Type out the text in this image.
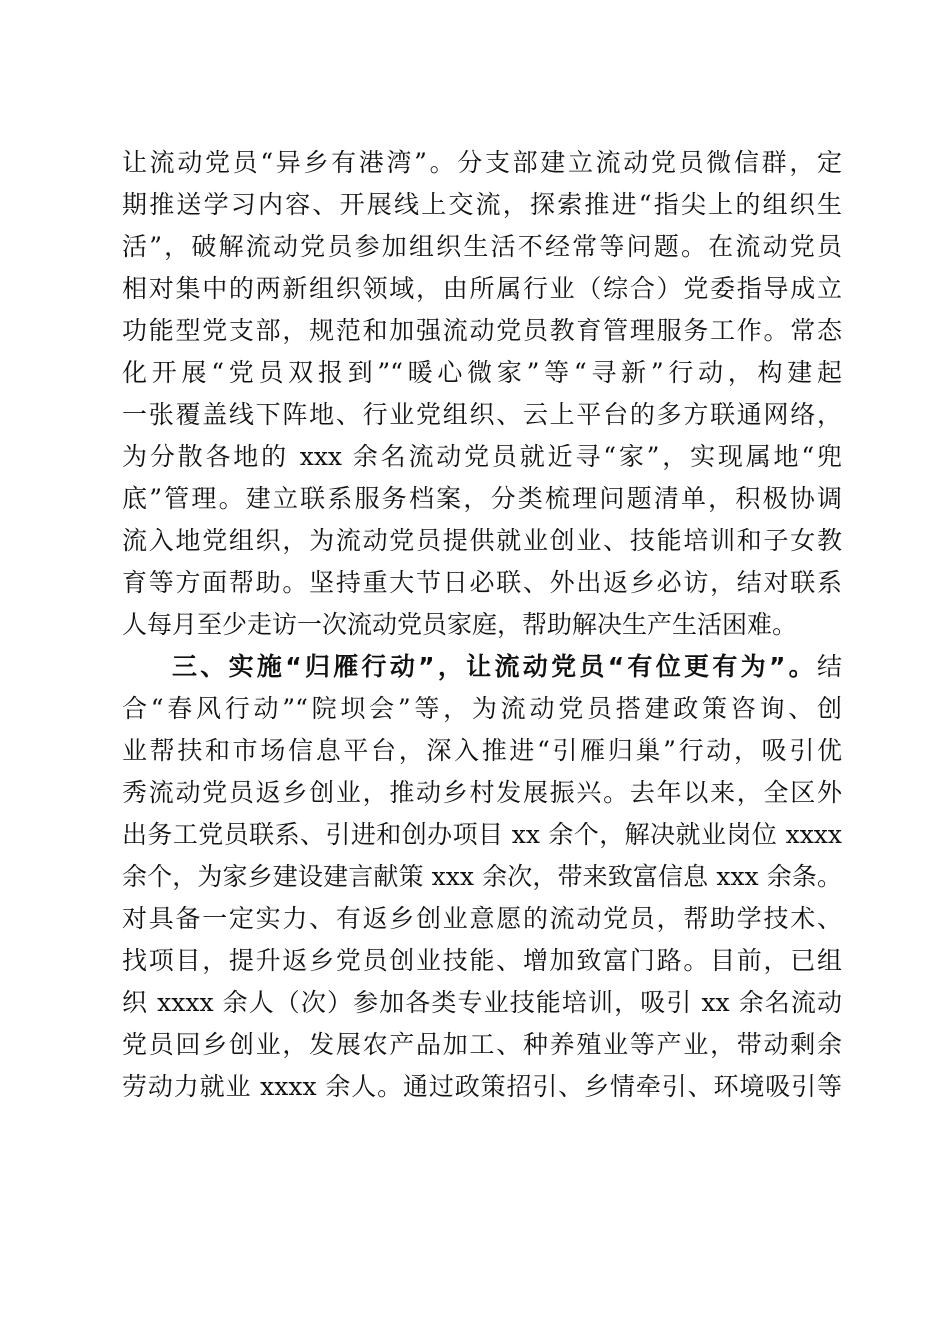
让流动党员“异乡有港湾”。分支部建立流动党员微信群，定
期推送学习内容、开展线上交流，探索推进“指尖上的组织生
活”，破解流动党员参加组织生活不经常等问题。在流动党员
相对集中的两新组织领域，由所属行业（综合）党委指导成立
功能型党支部，规范和加强流动党员教育管理服务工作。常态
化开展“党员双报到”“暖心微家”等“寻新”行动，构建起
一张覆盖线下阵地、行业党组织、云上平台的多方联通网络，
为分散各地的 xxx 余名流动党员就近寻“家”，实现属地“兜
底”管理。建立联系服务档案，分类梳理问题清单，积极协调
流入地党组织，为流动党员提供就业创业、技能培训和子女教
育等方面帮助。坚持重大节日必联、外出返乡必访，结对联系
人每月至少走访一次流动党员家庭，帮助解决生产生活困难。
三、实施“归雁行动”，让流动党员“有位更有为”。结
合“春风行动”“院坝会”等，为流动党员搭建政策咨询、创
业帮扶和市场信息平台，深入推进“引雁归巢”行动，吸引优
秀流动党员返乡创业，推动乡村发展振兴。去年以来，全区外
出务工党员联系、引进和创办项目 xx 余个，解决就业岗位 xxxx
余个，为家乡建设建言献策 xxx 余次，带来致富信息 xxx 余条。
对具备一定实力、有返乡创业意愿的流动党员，帮助学技术、
找项目，提升返乡党员创业技能、增加致富门路。目前，已组
织 xxxx 余人（次）参加各类专业技能培训，吸引 xx 余名流动
党员回乡创业，发展农产品加工、种养殖业等产业，带动剩余
劳动力就业 xxxx 余人。通过政策招引、乡情牵引、环境吸引等
